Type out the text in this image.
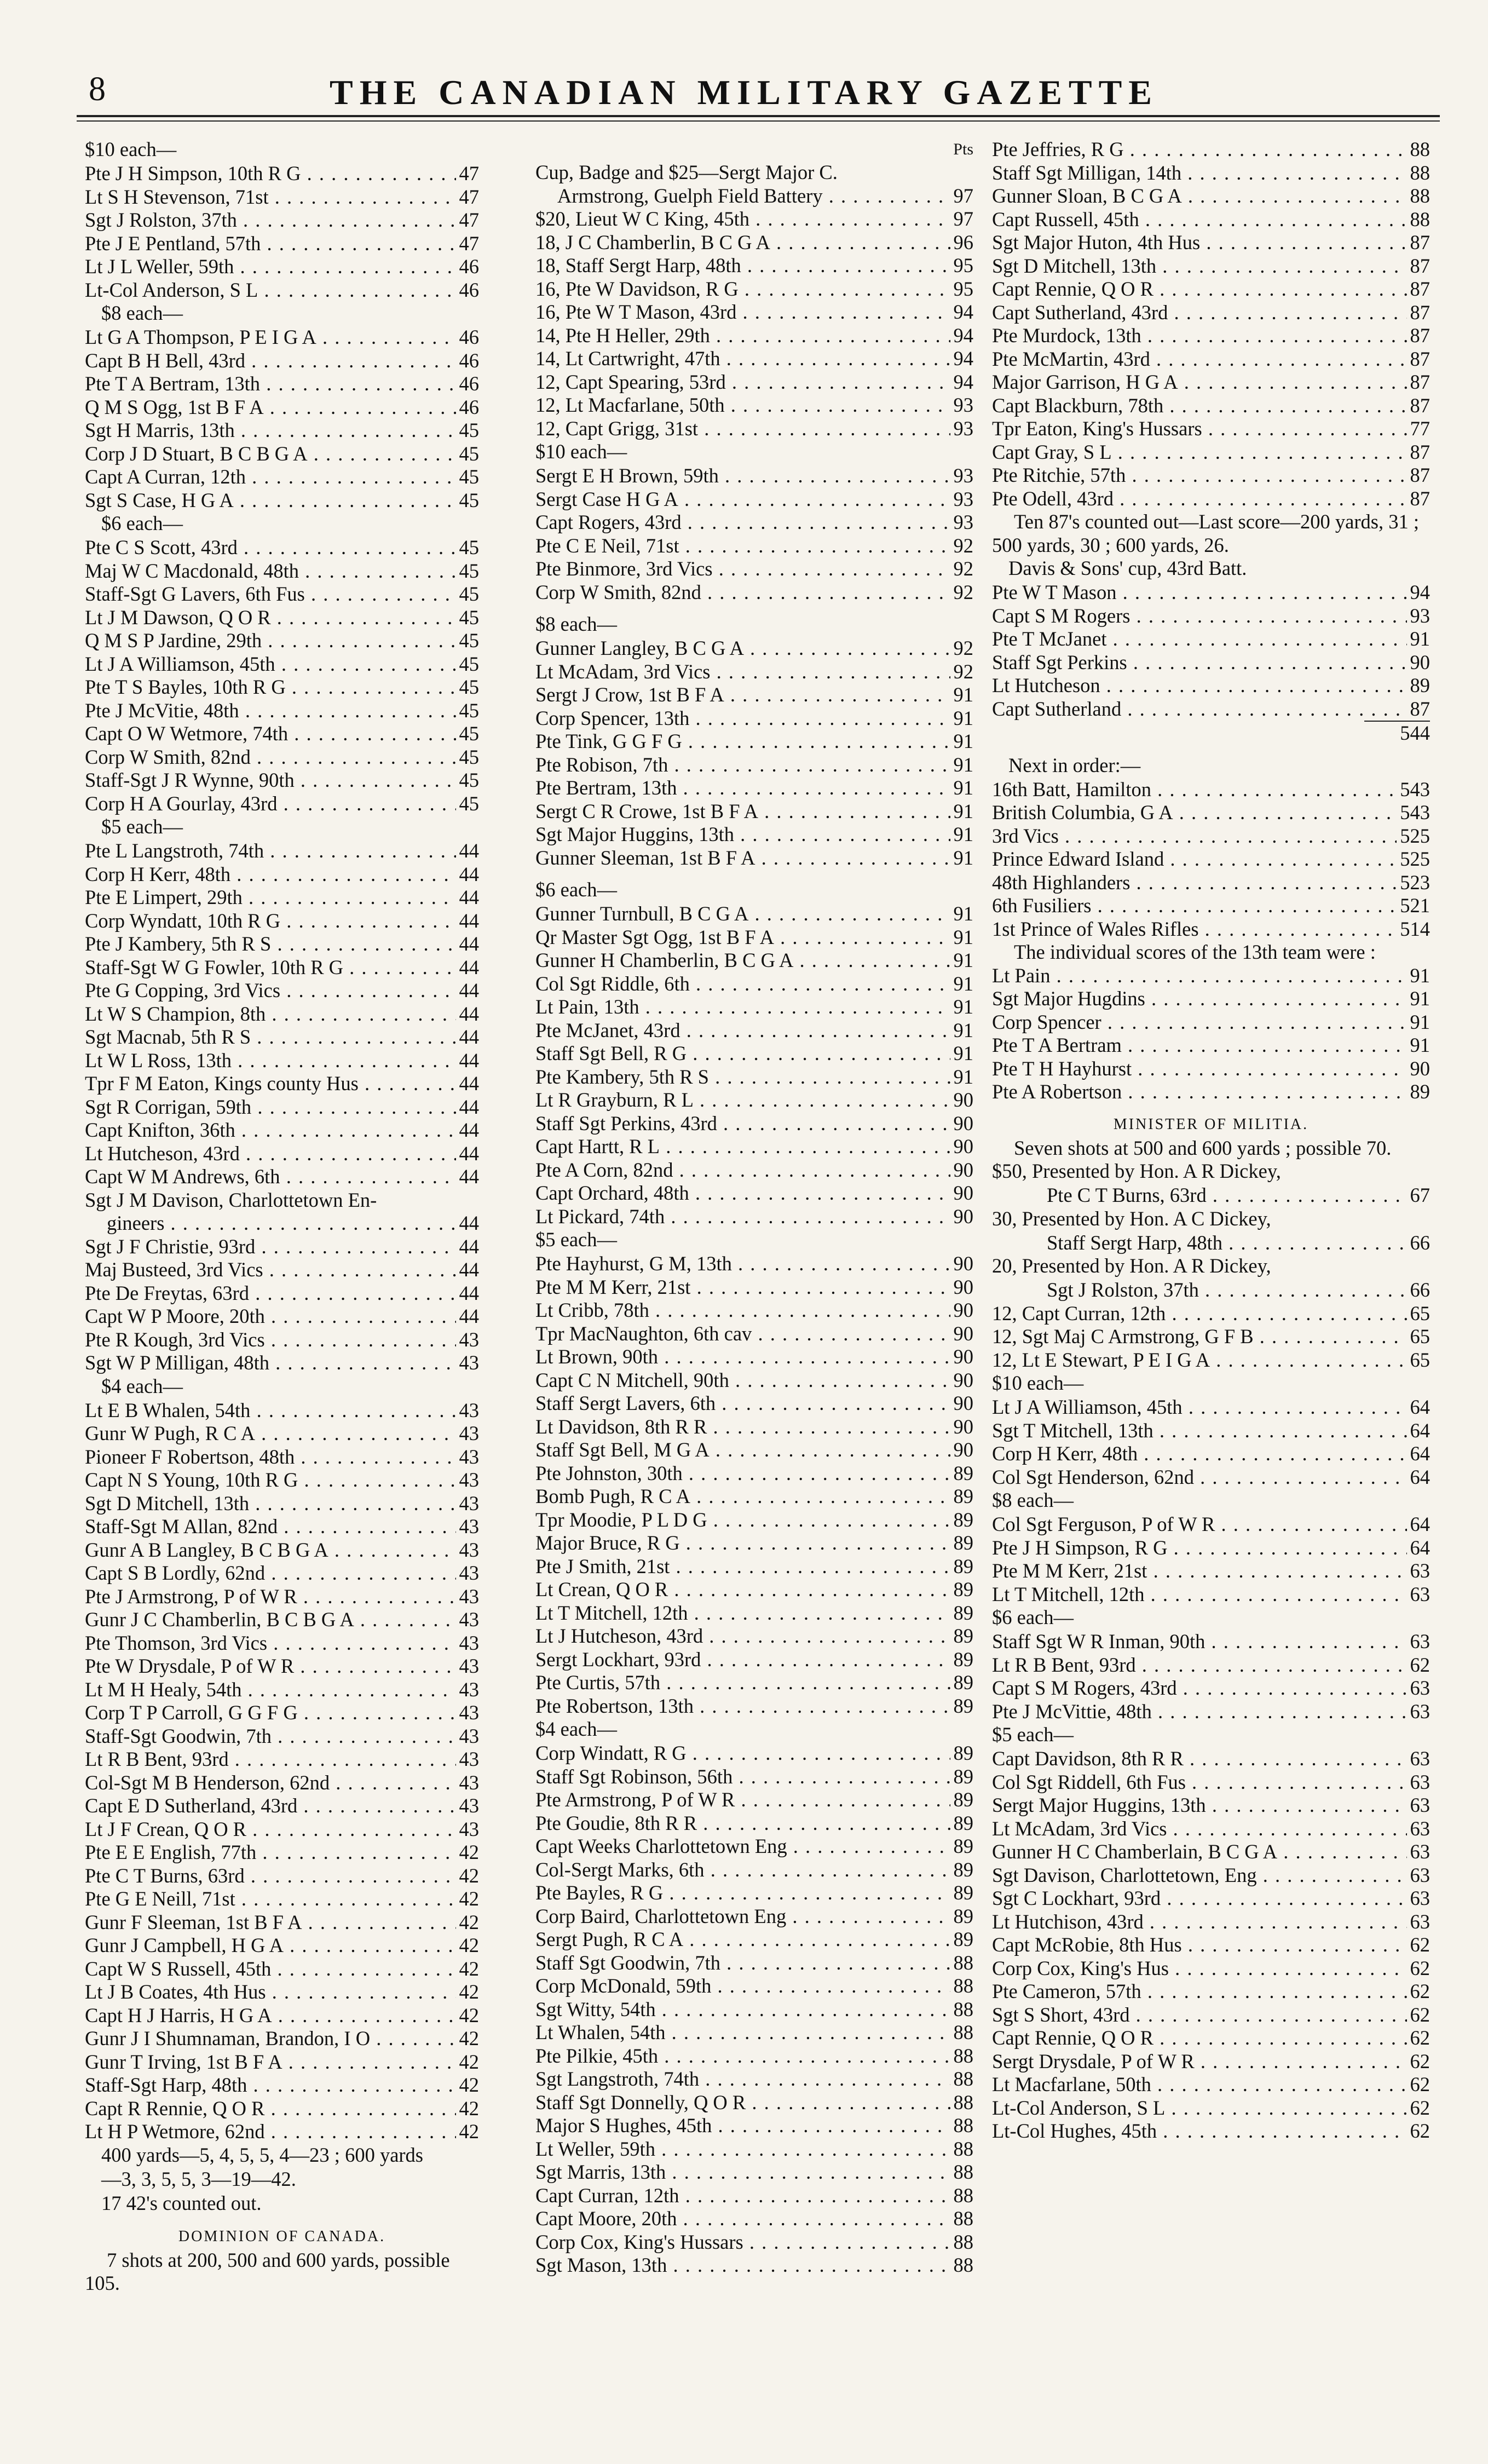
8	THE CANADIAN MILITARY GAZETTE
$10 each—
Pte J H Simpson, 10th R G . . .	47
Lt S H Stevenson, 71st . . .	47
Sgt J Rolston, 37th . . .	47
Pte J E Pentland, 57th . . .	47
Lt J L Weller, 59th . . .	46
Lt-Col Anderson, S L . . .	46
$8 each—
Lt G A Thompson, P E I G A . . .	46
Capt B H Bell, 43rd . . .	46
Pte T A Bertram, 13th . . .	46
Q M S Ogg, 1st B F A . . .	46
Sgt H Marris, 13th . . .	45
Corp J D Stuart, B C B G A . . .	45
Capt A Curran, 12th . . .	45
Sgt S Case, H G A . . .	45
$6 each—
Pte C S Scott, 43rd . . .	45
Maj W C Macdonald, 48th . . .	45
Staff-Sgt G Lavers, 6th Fus . . .	45
Lt J M Dawson, Q O R . . .	45
Q M S P Jardine, 29th . . .	45
Lt J A Williamson, 45th . . .	45
Pte T S Bayles, 10th R G . . .	45
Pte J McVitie, 48th . . .	45
Capt O W Wetmore, 74th . . .	45
Corp W Smith, 82nd . . .	45
Staff-Sgt J R Wynne, 90th . . .	45
Corp H A Gourlay, 43rd . . .	45
$5 each—
Pte L Langstroth, 74th . . .	44
Corp H Kerr, 48th . . .	44
Pte E Limpert, 29th . . .	44
Corp Wyndatt, 10th R G . . .	44
Pte J Kambery, 5th R S . . .	44
Staff-Sgt W G Fowler, 10th R G . . .	44
Pte G Copping, 3rd Vics . . .	44
Lt W S Champion, 8th . . .	44
Sgt Macnab, 5th R S . . .	44
Lt W L Ross, 13th . . .	44
Tpr F M Eaton, Kings county Hus . . .	44
Sgt R Corrigan, 59th . . .	44
Capt Knifton, 36th . . .	44
Lt Hutcheson, 43rd . . .	44
Capt W M Andrews, 6th . . .	44
Sgt J M Davison, Charlottetown En-
gineers . . .	44
Sgt J F Christie, 93rd . . .	44
Maj Busteed, 3rd Vics . . .	44
Pte De Freytas, 63rd . . .	44
Capt W P Moore, 20th . . .	44
Pte R Kough, 3rd Vics . . .	43
Sgt W P Milligan, 48th . . .	43
$4 each—
Lt E B Whalen, 54th . . .	43
Gunr W Pugh, R C A . . .	43
Pioneer F Robertson, 48th . . .	43
Capt N S Young, 10th R G . . .	43
Sgt D Mitchell, 13th . . .	43
Staff-Sgt M Allan, 82nd . . .	43
Gunr A B Langley, B C B G A . . .	43
Capt S B Lordly, 62nd . . .	43
Pte J Armstrong, P of W R . . .	43
Gunr J C Chamberlin, B C B G A . . .	43
Pte Thomson, 3rd Vics . . .	43
Pte W Drysdale, P of W R . . .	43
Lt M H Healy, 54th . . .	43
Corp T P Carroll, G G F G . . .	43
Staff-Sgt Goodwin, 7th . . .	43
Lt R B Bent, 93rd . . .	43
Col-Sgt M B Henderson, 62nd . . .	43
Capt E D Sutherland, 43rd . . .	43
Lt J F Crean, Q O R . . .	43
Pte E E English, 77th . . .	42
Pte C T Burns, 63rd . . .	42
Pte G E Neill, 71st . . .	42
Gunr F Sleeman, 1st B F A . . .	42
Gunr J Campbell, H G A . . .	42
Capt W S Russell, 45th . . .	42
Lt J B Coates, 4th Hus . . .	42
Capt H J Harris, H G A . . .	42
Gunr J I Shumnaman, Brandon, I O . . .	42
Gunr T Irving, 1st B F A . . .	42
Staff-Sgt Harp, 48th . . .	42
Capt R Rennie, Q O R . . .	42
Lt H P Wetmore, 62nd . . .	42
400 yards—5, 4, 5, 5, 4—23 ; 600 yards
—3, 3, 5, 5, 3—19—42.
17 42's counted out.
DOMINION OF CANADA.
7 shots at 200, 500 and 600 yards, possible 105.
Pts
Cup, Badge and $25—Sergt Major C.
Armstrong, Guelph Field Battery . . .	97
$20, Lieut W C King, 45th . . .	97
18, J C Chamberlin, B C G A . . .	96
18, Staff Sergt Harp, 48th . . .	95
16, Pte W Davidson, R G . . .	95
16, Pte W T Mason, 43rd . . .	94
14, Pte H Heller, 29th . . .	94
14, Lt Cartwright, 47th . . .	94
12, Capt Spearing, 53rd . . .	94
12, Lt Macfarlane, 50th . . .	93
12, Capt Grigg, 31st . . .	93
$10 each—
Sergt E H Brown, 59th . . .	93
Sergt Case H G A . . .	93
Capt Rogers, 43rd . . .	93
Pte C E Neil, 71st . . .	92
Pte Binmore, 3rd Vics . . .	92
Corp W Smith, 82nd . . .	92
$8 each—
Gunner Langley, B C G A . . .	92
Lt McAdam, 3rd Vics . . .	92
Sergt J Crow, 1st B F A . . .	91
Corp Spencer, 13th . . .	91
Pte Tink, G G F G . . .	91
Pte Robison, 7th . . .	91
Pte Bertram, 13th . . .	91
Sergt C R Crowe, 1st B F A . . .	91
Sgt Major Huggins, 13th . . .	91
Gunner Sleeman, 1st B F A . . .	91
$6 each—
Gunner Turnbull, B C G A . . .	91
Qr Master Sgt Ogg, 1st B F A . . .	91
Gunner H Chamberlin, B C G A . . .	91
Col Sgt Riddle, 6th . . .	91
Lt Pain, 13th . . .	91
Pte McJanet, 43rd . . .	91
Staff Sgt Bell, R G . . .	91
Pte Kambery, 5th R S . . .	91
Lt R Grayburn, R L . . .	90
Staff Sgt Perkins, 43rd . . .	90
Capt Hartt, R L . . .	90
Pte A Corn, 82nd . . .	90
Capt Orchard, 48th . . .	90
Lt Pickard, 74th . . .	90
$5 each—
Pte Hayhurst, G M, 13th . . .	90
Pte M M Kerr, 21st . . .	90
Lt Cribb, 78th . . .	90
Tpr MacNaughton, 6th cav . . .	90
Lt Brown, 90th . . .	90
Capt C N Mitchell, 90th . . .	90
Staff Sergt Lavers, 6th . . .	90
Lt Davidson, 8th R R . . .	90
Staff Sgt Bell, M G A . . .	90
Pte Johnston, 30th . . .	89
Bomb Pugh, R C A . . .	89
Tpr Moodie, P L D G . . .	89
Major Bruce, R G . . .	89
Pte J Smith, 21st . . .	89
Lt Crean, Q O R . . .	89
Lt T Mitchell, 12th . . .	89
Lt J Hutcheson, 43rd . . .	89
Sergt Lockhart, 93rd . . .	89
Pte Curtis, 57th . . .	89
Pte Robertson, 13th . . .	89
$4 each—
Corp Windatt, R G . . .	89
Staff Sgt Robinson, 56th . . .	89
Pte Armstrong, P of W R . . .	89
Pte Goudie, 8th R R . . .	89
Capt Weeks Charlottetown Eng . . .	89
Col-Sergt Marks, 6th . . .	89
Pte Bayles, R G . . .	89
Corp Baird, Charlottetown Eng . . .	89
Sergt Pugh, R C A . . .	89
Staff Sgt Goodwin, 7th . . .	88
Corp McDonald, 59th . . .	88
Sgt Witty, 54th . . .	88
Lt Whalen, 54th . . .	88
Pte Pilkie, 45th . . .	88
Sgt Langstroth, 74th . . .	88
Staff Sgt Donnelly, Q O R . . .	88
Major S Hughes, 45th . . .	88
Lt Weller, 59th . . .	88
Sgt Marris, 13th . . .	88
Capt Curran, 12th . . .	88
Capt Moore, 20th . . .	88
Corp Cox, King's Hussars . . .	88
Sgt Mason, 13th . . .	88
Pte Jeffries, R G . . .	88
Staff Sgt Milligan, 14th . . .	88
Gunner Sloan, B C G A . . .	88
Capt Russell, 45th . . .	88
Sgt Major Huton, 4th Hus . . .	87
Sgt D Mitchell, 13th . . .	87
Capt Rennie, Q O R . . .	87
Capt Sutherland, 43rd . . .	87
Pte Murdock, 13th . . .	87
Pte McMartin, 43rd . . .	87
Major Garrison, H G A . . .	87
Capt Blackburn, 78th . . .	87
Tpr Eaton, King's Hussars . . .	77
Capt Gray, S L . . .	87
Pte Ritchie, 57th . . .	87
Pte Odell, 43rd . . .	87
Ten 87's counted out—Last score—200 yards, 31 ; 500 yards, 30 ; 600 yards, 26.
Davis & Sons' cup, 43rd Batt.
Pte W T Mason . . .	94
Capt S M Rogers . . .	93
Pte T McJanet . . .	91
Staff Sgt Perkins . . .	90
Lt Hutcheson . . .	89
Capt Sutherland . . .	87
544
Next in order:—
16th Batt, Hamilton . . .	543
British Columbia, G A . . .	543
3rd Vics . . .	525
Prince Edward Island . . .	525
48th Highlanders . . .	523
6th Fusiliers . . .	521
1st Prince of Wales Rifles . . .	514
The individual scores of the 13th team were :
Lt Pain . . .	91
Sgt Major Hugdins . . .	91
Corp Spencer . . .	91
Pte T A Bertram . . .	91
Pte T H Hayhurst . . .	90
Pte A Robertson . . .	89
MINISTER OF MILITIA.
Seven shots at 500 and 600 yards ; possible 70.
$50, Presented by Hon. A R Dickey,
Pte C T Burns, 63rd . . .	67
30, Presented by Hon. A C Dickey,
Staff Sergt Harp, 48th . . .	66
20, Presented by Hon. A R Dickey,
Sgt J Rolston, 37th . . .	66
12, Capt Curran, 12th . . .	65
12, Sgt Maj C Armstrong, G F B . . .	65
12, Lt E Stewart, P E I G A . . .	65
$10 each—
Lt J A Williamson, 45th . . .	64
Sgt T Mitchell, 13th . . .	64
Corp H Kerr, 48th . . .	64
Col Sgt Henderson, 62nd . . .	64
$8 each—
Col Sgt Ferguson, P of W R . . .	64
Pte J H Simpson, R G . . .	64
Pte M M Kerr, 21st . . .	63
Lt T Mitchell, 12th . . .	63
$6 each—
Staff Sgt W R Inman, 90th . . .	63
Lt R B Bent, 93rd . . .	62
Capt S M Rogers, 43rd . . .	63
Pte J McVittie, 48th . . .	63
$5 each—
Capt Davidson, 8th R R . . .	63
Col Sgt Riddell, 6th Fus . . .	63
Sergt Major Huggins, 13th . . .	63
Lt McAdam, 3rd Vics . . .	63
Gunner H C Chamberlain, B C G A . . .	63
Sgt Davison, Charlottetown, Eng . . .	63
Sgt C Lockhart, 93rd . . .	63
Lt Hutchison, 43rd . . .	63
Capt McRobie, 8th Hus . . .	62
Corp Cox, King's Hus . . .	62
Pte Cameron, 57th . . .	62
Sgt S Short, 43rd . . .	62
Capt Rennie, Q O R . . .	62
Sergt Drysdale, P of W R . . .	62
Lt Macfarlane, 50th . . .	62
Lt-Col Anderson, S L . . .	62
Lt-Col Hughes, 45th . . .	62
